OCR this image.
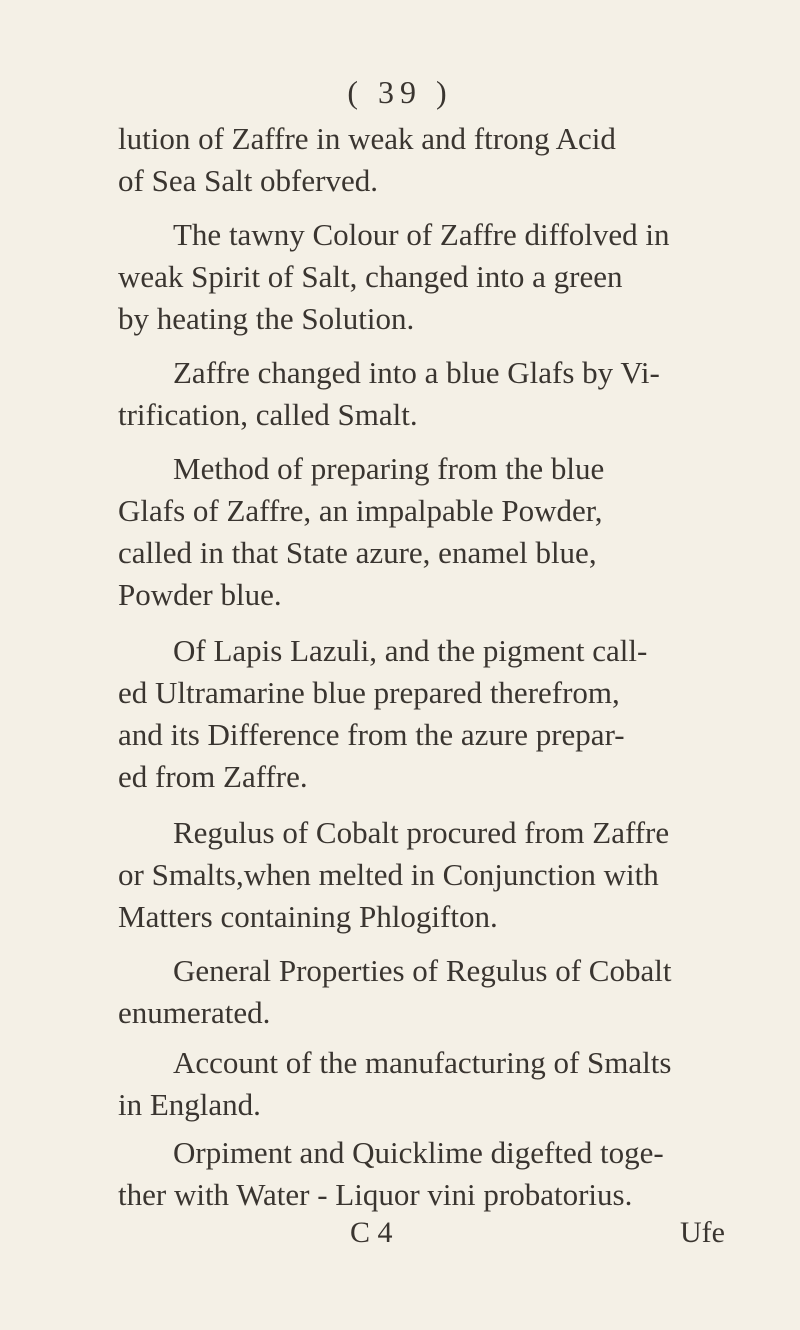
( 39 )

lution of Zaffre in weak and ftrong Acid
of Sea Salt obferved.

The tawny Colour of Zaffre diffolved in
weak Spirit of Salt, changed into a green
by heating the Solution.

Zaffre changed into a blue Glafs by Vi-
trification, called Smalt.

Method of preparing from the blue
Glafs of Zaffre, an impalpable Powder,
called in that State azure, enamel blue,
Powder blue.

Of Lapis Lazuli, and the pigment call-
ed Ultramarine blue prepared therefrom,
and its Difference from the azure prepar-
ed from Zaffre.

Regulus of Cobalt procured from Zaffre
or Smalts,when melted in Conjunction with
Matters containing Phlogifton.

General Properties of Regulus of Cobalt
enumerated.

Account of the manufacturing of Smalts
in England.

Orpiment and Quicklime digefted toge-
ther with Water - Liquor vini probatorius.

C 4	Ufe
